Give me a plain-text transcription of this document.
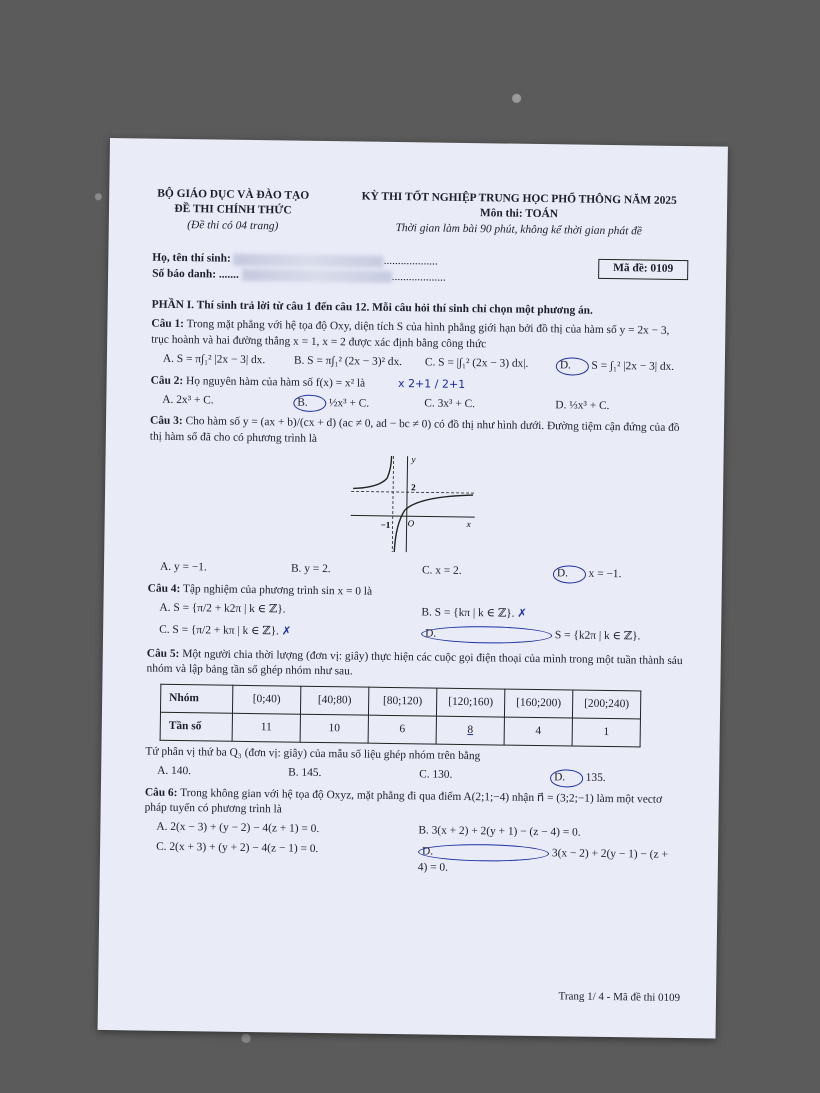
BỘ GIÁO DỤC VÀ ĐÀO TẠO
ĐỀ THI CHÍNH THỨC
(Đề thi có 04 trang)
KỲ THI TỐT NGHIỆP TRUNG HỌC PHỔ THÔNG NĂM 2025
Môn thi: TOÁN
Thời gian làm bài 90 phút, không kể thời gian phát đề
Họ, tên thí sinh:	...................
Số báo danh: .......	...................
Mã đề: 0109
PHẦN I. Thí sinh trả lời từ câu 1 đến câu 12. Mỗi câu hỏi thí sinh chỉ chọn một phương án.
Câu 1: Trong mặt phẳng với hệ tọa độ Oxy, diện tích S của hình phẳng giới hạn bởi đồ thị của hàm số y = 2x − 3, trục hoành và hai đường thẳng x = 1, x = 2 được xác định bằng công thức
A. S = π∫₁² |2x − 3| dx.	B. S = π∫₁² (2x − 3)² dx.	C. S = |∫₁² (2x − 3) dx|.	D. S = ∫₁² |2x − 3| dx.
Câu 2: Họ nguyên hàm của hàm số f(x) = x² là	x 2+1 / 2+1
A. 2x³ + C.	B. ½x³ + C.	C. 3x³ + C.	D. ⅓x³ + C.
Câu 3: Cho hàm số y = (ax + b)/(cx + d) (ac ≠ 0, ad − bc ≠ 0) có đồ thị như hình dưới. Đường tiệm cận đứng của đồ thị hàm số đã cho có phương trình là
y
x
2
−1 O
A. y = −1.	B. y = 2.	C. x = 2.	D. x = −1.
Câu 4: Tập nghiệm của phương trình sin x = 0 là
A. S = {π/2 + k2π | k ∈ ℤ}.	B. S = {kπ | k ∈ ℤ}. ✗
C. S = {π/2 + kπ | k ∈ ℤ}. ✗	D.	S = {k2π | k ∈ ℤ}.
Câu 5: Một người chia thời lượng (đơn vị: giây) thực hiện các cuộc gọi điện thoại của mình trong một tuần thành sáu nhóm và lập bảng tần số ghép nhóm như sau.
Nhóm	[0;40)	[40;80)	[80;120)	[120;160)	[160;200)	[200;240)
Tần số	11	10	6	8	4	1
Tứ phân vị thứ ba Q₃ (đơn vị: giây) của mẫu số liệu ghép nhóm trên bằng
A. 140.	B. 145.	C. 130.	D. 135.
Câu 6: Trong không gian với hệ tọa độ Oxyz, mặt phẳng đi qua điểm A(2;1;−4) nhận n⃗ = (3;2;−1) làm một vectơ pháp tuyến có phương trình là
A. 2(x − 3) + (y − 2) − 4(z + 1) = 0.	B. 3(x + 2) + 2(y + 1) − (z − 4) = 0.
C. 2(x + 3) + (y + 2) − 4(z − 1) = 0.	D.	3(x − 2) + 2(y − 1) − (z + 4) = 0.
Trang 1/ 4 - Mã đề thi 0109
